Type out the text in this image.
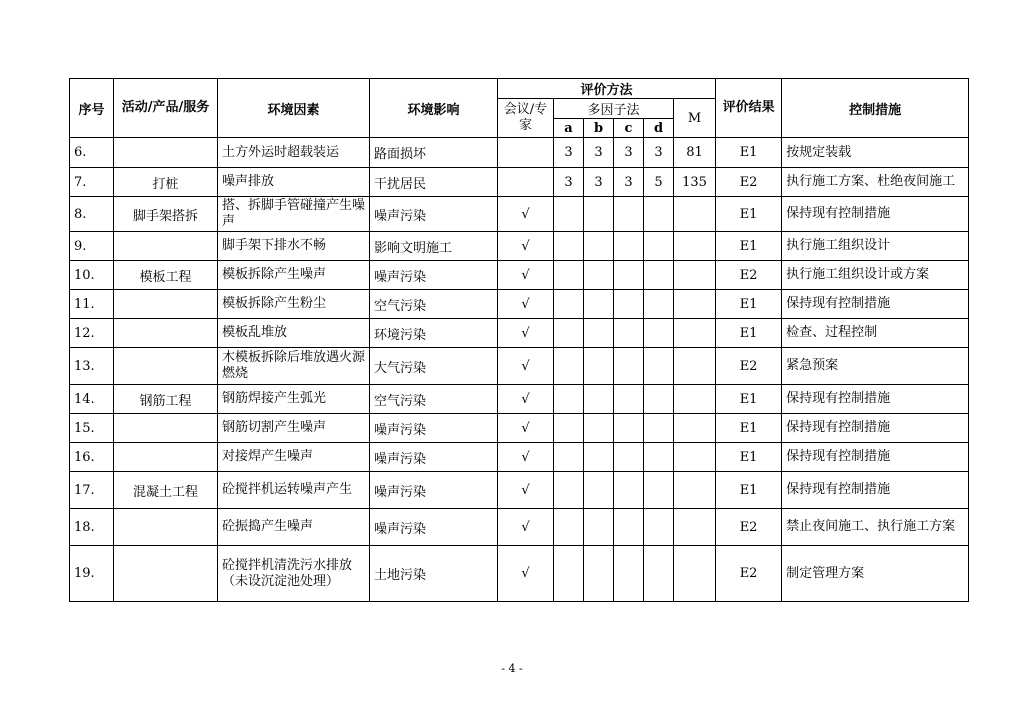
序号	活动/产品/服务	环境因素	环境影响	评价方法						评价结果	控制措施
				会议/专家	多因子法				M		
					a	b	c	d			
6.		土方外运时超载装运	路面损坏		3	3	3	3	81	E1	按规定装载
7.	打桩	噪声排放	干扰居民		3	3	3	5	135	E2	执行施工方案、杜绝夜间施工
8.	脚手架搭拆	搭、拆脚手管碰撞产生噪声	噪声污染	√						E1	保持现有控制措施
9.		脚手架下排水不畅	影响文明施工	√						E1	执行施工组织设计
10.	模板工程	模板拆除产生噪声	噪声污染	√						E2	执行施工组织设计或方案
11.		模板拆除产生粉尘	空气污染	√						E1	保持现有控制措施
12.		模板乱堆放	环境污染	√						E1	检查、过程控制
13.		木模板拆除后堆放遇火源燃烧	大气污染	√						E2	紧急预案
14.	钢筋工程	钢筋焊接产生弧光	空气污染	√						E1	保持现有控制措施
15.		钢筋切割产生噪声	噪声污染	√						E1	保持现有控制措施
16.		对接焊产生噪声	噪声污染	√						E1	保持现有控制措施
17.	混凝土工程	砼搅拌机运转噪声产生	噪声污染	√						E1	保持现有控制措施
18.		砼振捣产生噪声	噪声污染	√						E2	禁止夜间施工、执行施工方案
19.		砼搅拌机清洗污水排放（未设沉淀池处理）	土地污染	√						E2	制定管理方案
- 4 -
